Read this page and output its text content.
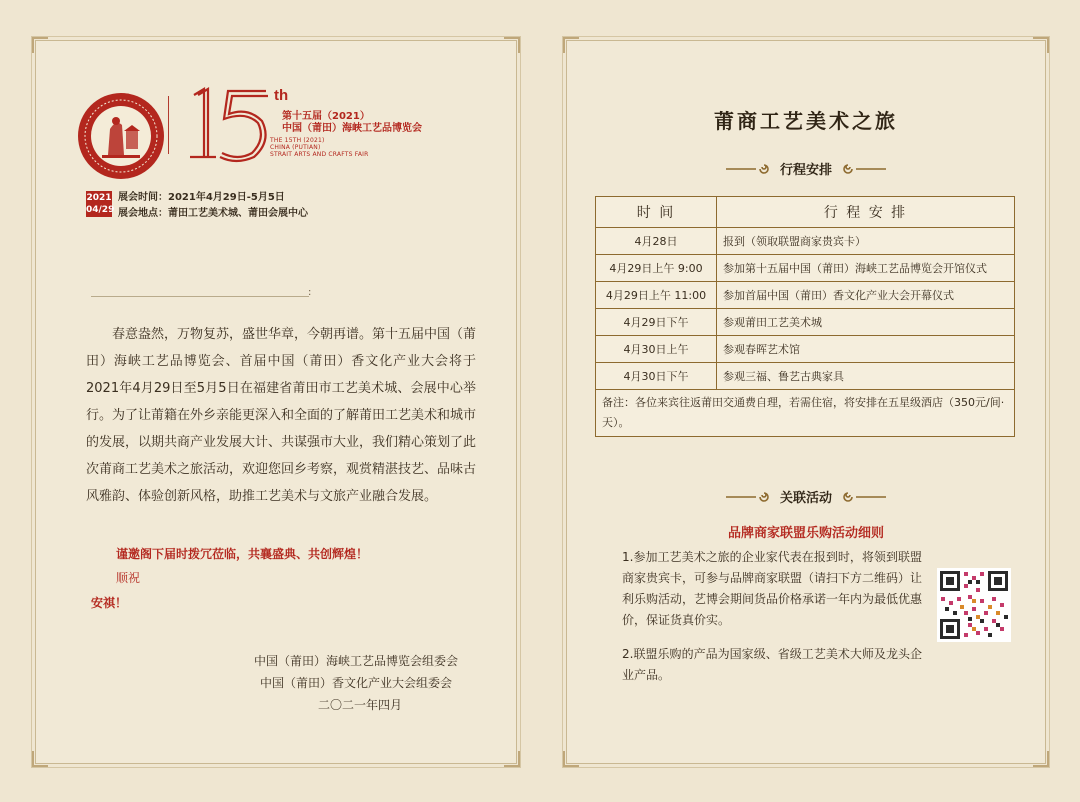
th
第十五届（2021）
中国（莆田）海峡工艺品博览会
THE 15TH (2021)
CHINA (PUTIAN)
STRAIT ARTS AND CRAFTS FAIR
2021
04/29
展会时间：2021年4月29日-5月5日
展会地点：莆田工艺美术城、莆田会展中心
:
春意盎然，万物复苏，盛世华章，今朝再谱。第十五届中国（莆田）海峡工艺品博览会、首届中国（莆田）香文化产业大会将于2021年4月29日至5月5日在福建省莆田市工艺美术城、会展中心举行。为了让莆籍在外乡亲能更深入和全面的了解莆田工艺美术和城市的发展，以期共商产业发展大计、共谋强市大业，我们精心策划了此次莆商工艺美术之旅活动，欢迎您回乡考察，观赏精湛技艺、品味古风雅韵、体验创新风格，助推工艺美术与文旅产业融合发展。
谨邀阁下届时拨冗莅临，共襄盛典、共创辉煌！
顺祝
安祺！
中国（莆田）海峡工艺品博览会组委会
中国（莆田）香文化产业大会组委会
二〇二一年四月
莆商工艺美术之旅
行程安排
时 间	行 程 安 排
4月28日	报到（领取联盟商家贵宾卡）
4月29日上午 9:00	参加第十五届中国（莆田）海峡工艺品博览会开馆仪式
4月29日上午 11:00	参加首届中国（莆田）香文化产业大会开幕仪式
4月29日下午	参观莆田工艺美术城
4月30日上午	参观春晖艺术馆
4月30日下午	参观三福、鲁艺古典家具
备注：各位来宾往返莆田交通费自理，若需住宿，将安排在五星级酒店（350元/间·天）。	
关联活动
品牌商家联盟乐购活动细则
1.参加工艺美术之旅的企业家代表在报到时，将领到联盟商家贵宾卡，可参与品牌商家联盟（请扫下方二维码）让利乐购活动，艺博会期间货品价格承诺一年内为最低优惠价，保证货真价实。
2.联盟乐购的产品为国家级、省级工艺美术大师及龙头企业产品。
